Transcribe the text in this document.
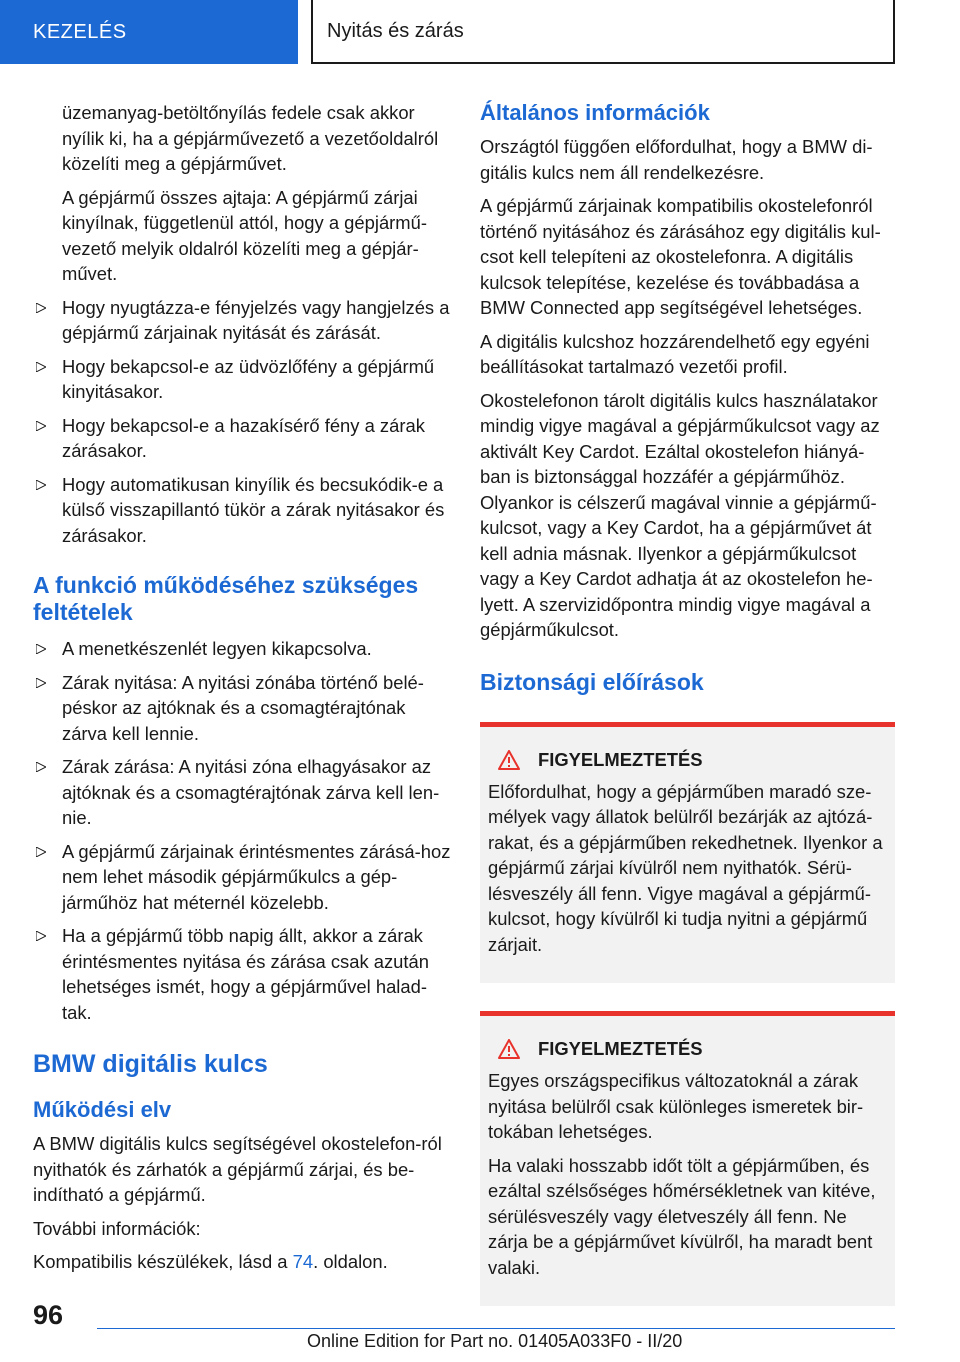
KEZELÉS	Nyitás és zárás

üzemanyag-betöltőnyílás fedele csak akkor nyílik ki, ha a gépjárművezető a vezetőoldalról közelíti meg a gépjárművet.

A gépjármű összes ajtaja: A gépjármű zárjai kinyílnak, függetlenül attól, hogy a gépjármű-vezető melyik oldalról közelíti meg a gépjár-művet.

Hogy nyugtázza-e fényjelzés vagy hangjelzés a gépjármű zárjainak nyitását és zárását.
Hogy bekapcsol-e az üdvözlőfény a gépjármű kinyitásakor.
Hogy bekapcsol-e a hazakísérő fény a zárak zárásakor.
Hogy automatikusan kinyílik és becsukódik-e a külső visszapillantó tükör a zárak nyitásakor és zárásakor.
A funkció működéséhez szükséges feltételek
A menetkészenlét legyen kikapcsolva.
Zárak nyitása: A nyitási zónába történő belé-péskor az ajtóknak és a csomagtérajtónak zárva kell lennie.
Zárak zárása: A nyitási zóna elhagyásakor az ajtóknak és a csomagtérajtónak zárva kell len-nie.
A gépjármű zárjainak érintésmentes zárásá-hoz nem lehet második gépjárműkulcs a gép-járműhöz hat méternél közelebb.
Ha a gépjármű több napig állt, akkor a zárak érintésmentes nyitása és zárása csak azután lehetséges ismét, hogy a gépjárművel halad-tak.
BMW digitális kulcs
Működési elv

A BMW digitális kulcs segítségével okostelefon-ról nyithatók és zárhatók a gépjármű zárjai, és be-indítható a gépjármű.

További információk:

Kompatibilis készülékek, lásd a 74. oldalon.

Általános információk

Országtól függően előfordulhat, hogy a BMW di-gitális kulcs nem áll rendelkezésre.

A gépjármű zárjainak kompatibilis okostelefonról történő nyitásához és zárásához egy digitális kul-csot kell telepíteni az okostelefonra. A digitális kulcsok telepítése, kezelése és továbbadása a BMW Connected app segítségével lehetséges.

A digitális kulcshoz hozzárendelhető egy egyéni beállításokat tartalmazó vezetői profil.

Okostelefonon tárolt digitális kulcs használatakor mindig vigye magával a gépjárműkulcsot vagy az aktivált Key Cardot. Ezáltal okostelefon hiányá-ban is biztonsággal hozzáfér a gépjárműhöz. Olyankor is célszerű magával vinnie a gépjármű-kulcsot, vagy a Key Cardot, ha a gépjárművet át kell adnia másnak. Ilyenkor a gépjárműkulcsot vagy a Key Cardot adhatja át az okostelefon he-lyett. A szervizidőpontra mindig vigye magával a gépjárműkulcsot.

Biztonsági előírások
FIGYELMEZTETÉS

Előfordulhat, hogy a gépjárműben maradó sze-mélyek vagy állatok belülről bezárják az ajtózá-rakat, és a gépjárműben rekedhetnek. Ilyenkor a gépjármű zárjai kívülről nem nyithatók. Sérü-lésveszély áll fenn. Vigye magával a gépjármű-kulcsot, hogy kívülről ki tudja nyitni a gépjármű zárjait.

FIGYELMEZTETÉS

Egyes országspecifikus változatoknál a zárak nyitása belülről csak különleges ismeretek bir-tokában lehetséges.

Ha valaki hosszabb időt tölt a gépjárműben, és ezáltal szélsőséges hőmérsékletnek van kitéve, sérülésveszély vagy életveszély áll fenn. Ne zárja be a gépjárművet kívülről, ha maradt bent valaki.

96
Online Edition for Part no. 01405A033F0 - II/20
